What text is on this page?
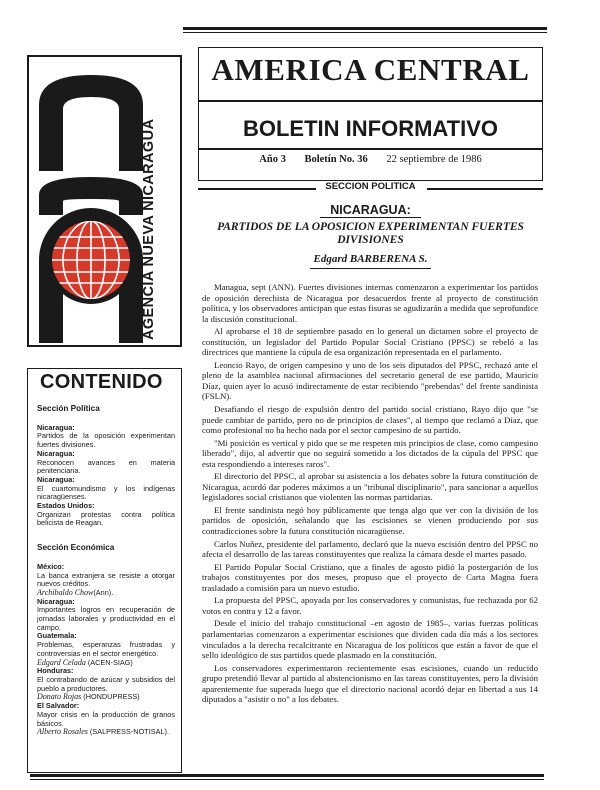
AGENCIA NUEVA NICARAGUA
CONTENIDO
Sección Política
Nicaragua:
Partidos de la oposición experimentan fuertes divisiones.
Nicaragua:
Reconocen avances en materia penitenciaria.
Nicaragua:
El cuartomundismo y los indígenas nicaragüenses.
Estados Unidos:
Organizan protestas contra política belicista de Reagan.
Sección Económica
México:
La banca extranjera se resiste a otorgar nuevos créditos.
Archibaldo Chow(Ann).
Nicaragua:
Importantes logros en recuperación de jornadas laborales y productividad en el campo.
Guatemala:
Problemas, esperanzas frustradas y controversias en el sector energético.
Edgard Celada (ACEN-SIAG)
Honduras:
El contrabando de azúcar y subsidios del pueblo a productores.
Donato Rojas (HONDUPRESS)
El Salvador:
Mayor crisis en la producción de granos básicos.
Alberto Rosales (SALPRESS-NOTISAL).
AMERICA CENTRAL
BOLETIN INFORMATIVO
Año 3 Boletín No. 36 22 septiembre de 1986
SECCION POLITICA
NICARAGUA:
PARTIDOS DE LA OPOSICION EXPERIMENTAN FUERTES DIVISIONES
Edgard BARBERENA S.

Managua, sept (ANN). Fuertes divisiones internas comenzaron a experimentar los partidos de oposición derechista de Nicaragua por desacuerdos frente al proyecto de constitución política, y los observadores anticipan que estas fisuras se agudizarán a medida que seprofundice la discusión constitucional.

Al aprobarse el 18 de septiembre pasado en lo general un dictamen sobre el proyecto de constitución, un legislador del Partido Popular Social Cristiano (PPSC) se rebeló a las directrices que mantiene la cúpula de esa organización representada en el parlamento.

Leoncio Rayo, de origen campesino y uno de los seis diputados del PPSC, rechazó ante el pleno de la asamblea nacional afirmaciones del secretario general de ese partido, Mauricio Díaz, quien ayer lo acusó indirectamente de estar recibiendo "prebendas" del frente sandinista (FSLN).

Desafiando el riesgo de expulsión dentro del partido social cristiano, Rayo dijo que "se puede cambiar de partido, pero no de principios de clases", al tiempo que reclamó a Díaz, que como profesional no ha hecho nada por el sector campesino de su partido.

"Mi posición es vertical y pido que se me respeten mis principios de clase, como campesino liberado", dijo, al advertir que no seguirá sometido a los dictados de la cúpula del PPSC que esta respondiendo a intereses raros".

El directorio del PPSC, al aprobar su asistencia a los debates sobre la futura constitución de Nicaragua, acordó dar poderes máximos a un "tribunal disciplinario", para sancionar a aquellos legisladores social cristianos que violenten las normas partidarias.

El frente sandinista negó hoy públicamente que tenga algo que ver con la división de los partidos de oposición, señalando que las escisiones se vienen produciendo por sus contradicciones sobre la futura constitución nicaragüense.

Carlos Nuñez, presidente del parlamento, declaró que la nueva escisión dentro del PPSC no afecta el desarrollo de las tareas constituyentes que realiza la cámara desde el martes pasado.

El Partido Popular Social Cristiano, que a finales de agosto pidió la postergación de los trabajos constituyentes por dos meses, propuso que el proyecto de Carta Magna fuera trasladado a comisión para un nuevo estudio.

La propuesta del PPSC, apoyada por los conservadores y comunistas, fue rechazada por 62 votos en contra y 12 a favor.

Desde el inicio del trabajo constitucional –en agosto de 1985–, varias fuerzas políticas parlamentarias comenzaron a experimentar escisiones que dividen cada día más a los sectores vinculados a la derecha recalcitrante en Nicaragua de los políticos que están a favor de que el sello ideológico de sus partidos quede plasmado en la constitución.

Los conservadores experimentaron recientemente esas escisiones, cuando un reducido grupo pretendió llevar al partido al abstencionismo en las tareas constituyentes, pero la división aparentemente fue superada luego que el directorio nacional acordó dejar en libertad a sus 14 diputados a "asistir o no" a los debates.
